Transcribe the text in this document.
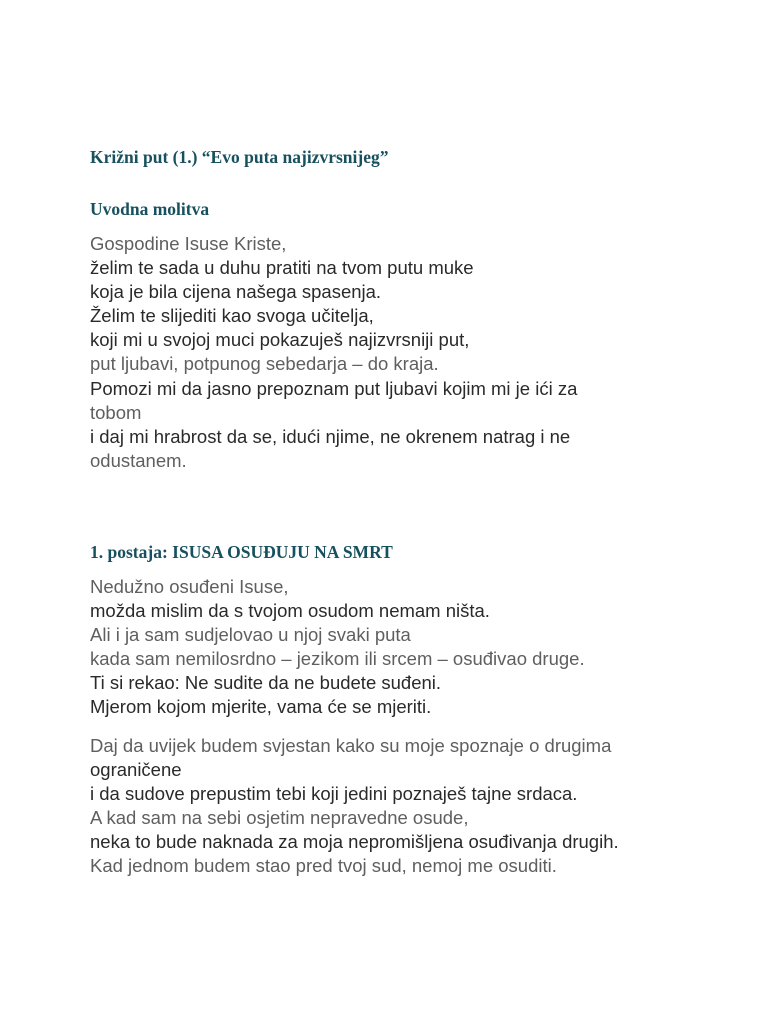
Križni put (1.) “Evo puta najizvrsnijeg”
Uvodna molitva

Gospodine Isuse Kriste,
želim te sada u duhu pratiti na tvom putu muke
koja je bila cijena našega spasenja.
Želim te slijediti kao svoga učitelja,
koji mi u svojoj muci pokazuješ najizvrsniji put,
put ljubavi, potpunog sebedarja – do kraja.
Pomozi mi da jasno prepoznam put ljubavi kojim mi je ići za
tobom
i daj mi hrabrost da se, idući njime, ne okrenem natrag i ne
odustanem.

1. postaja: ISUSA OSUĐUJU NA SMRT

Nedužno osuđeni Isuse,
možda mislim da s tvojom osudom nemam ništa.
Ali i ja sam sudjelovao u njoj svaki puta
kada sam nemilosrdno – jezikom ili srcem – osuđivao druge.
Ti si rekao: Ne sudite da ne budete suđeni.
Mjerom kojom mjerite, vama će se mjeriti.

Daj da uvijek budem svjestan kako su moje spoznaje o drugima
ograničene
i da sudove prepustim tebi koji jedini poznaješ tajne srdaca.
A kad sam na sebi osjetim nepravedne osude,
neka to bude naknada za moja nepromišljena osuđivanja drugih.
Kad jednom budem stao pred tvoj sud, nemoj me osuditi.
